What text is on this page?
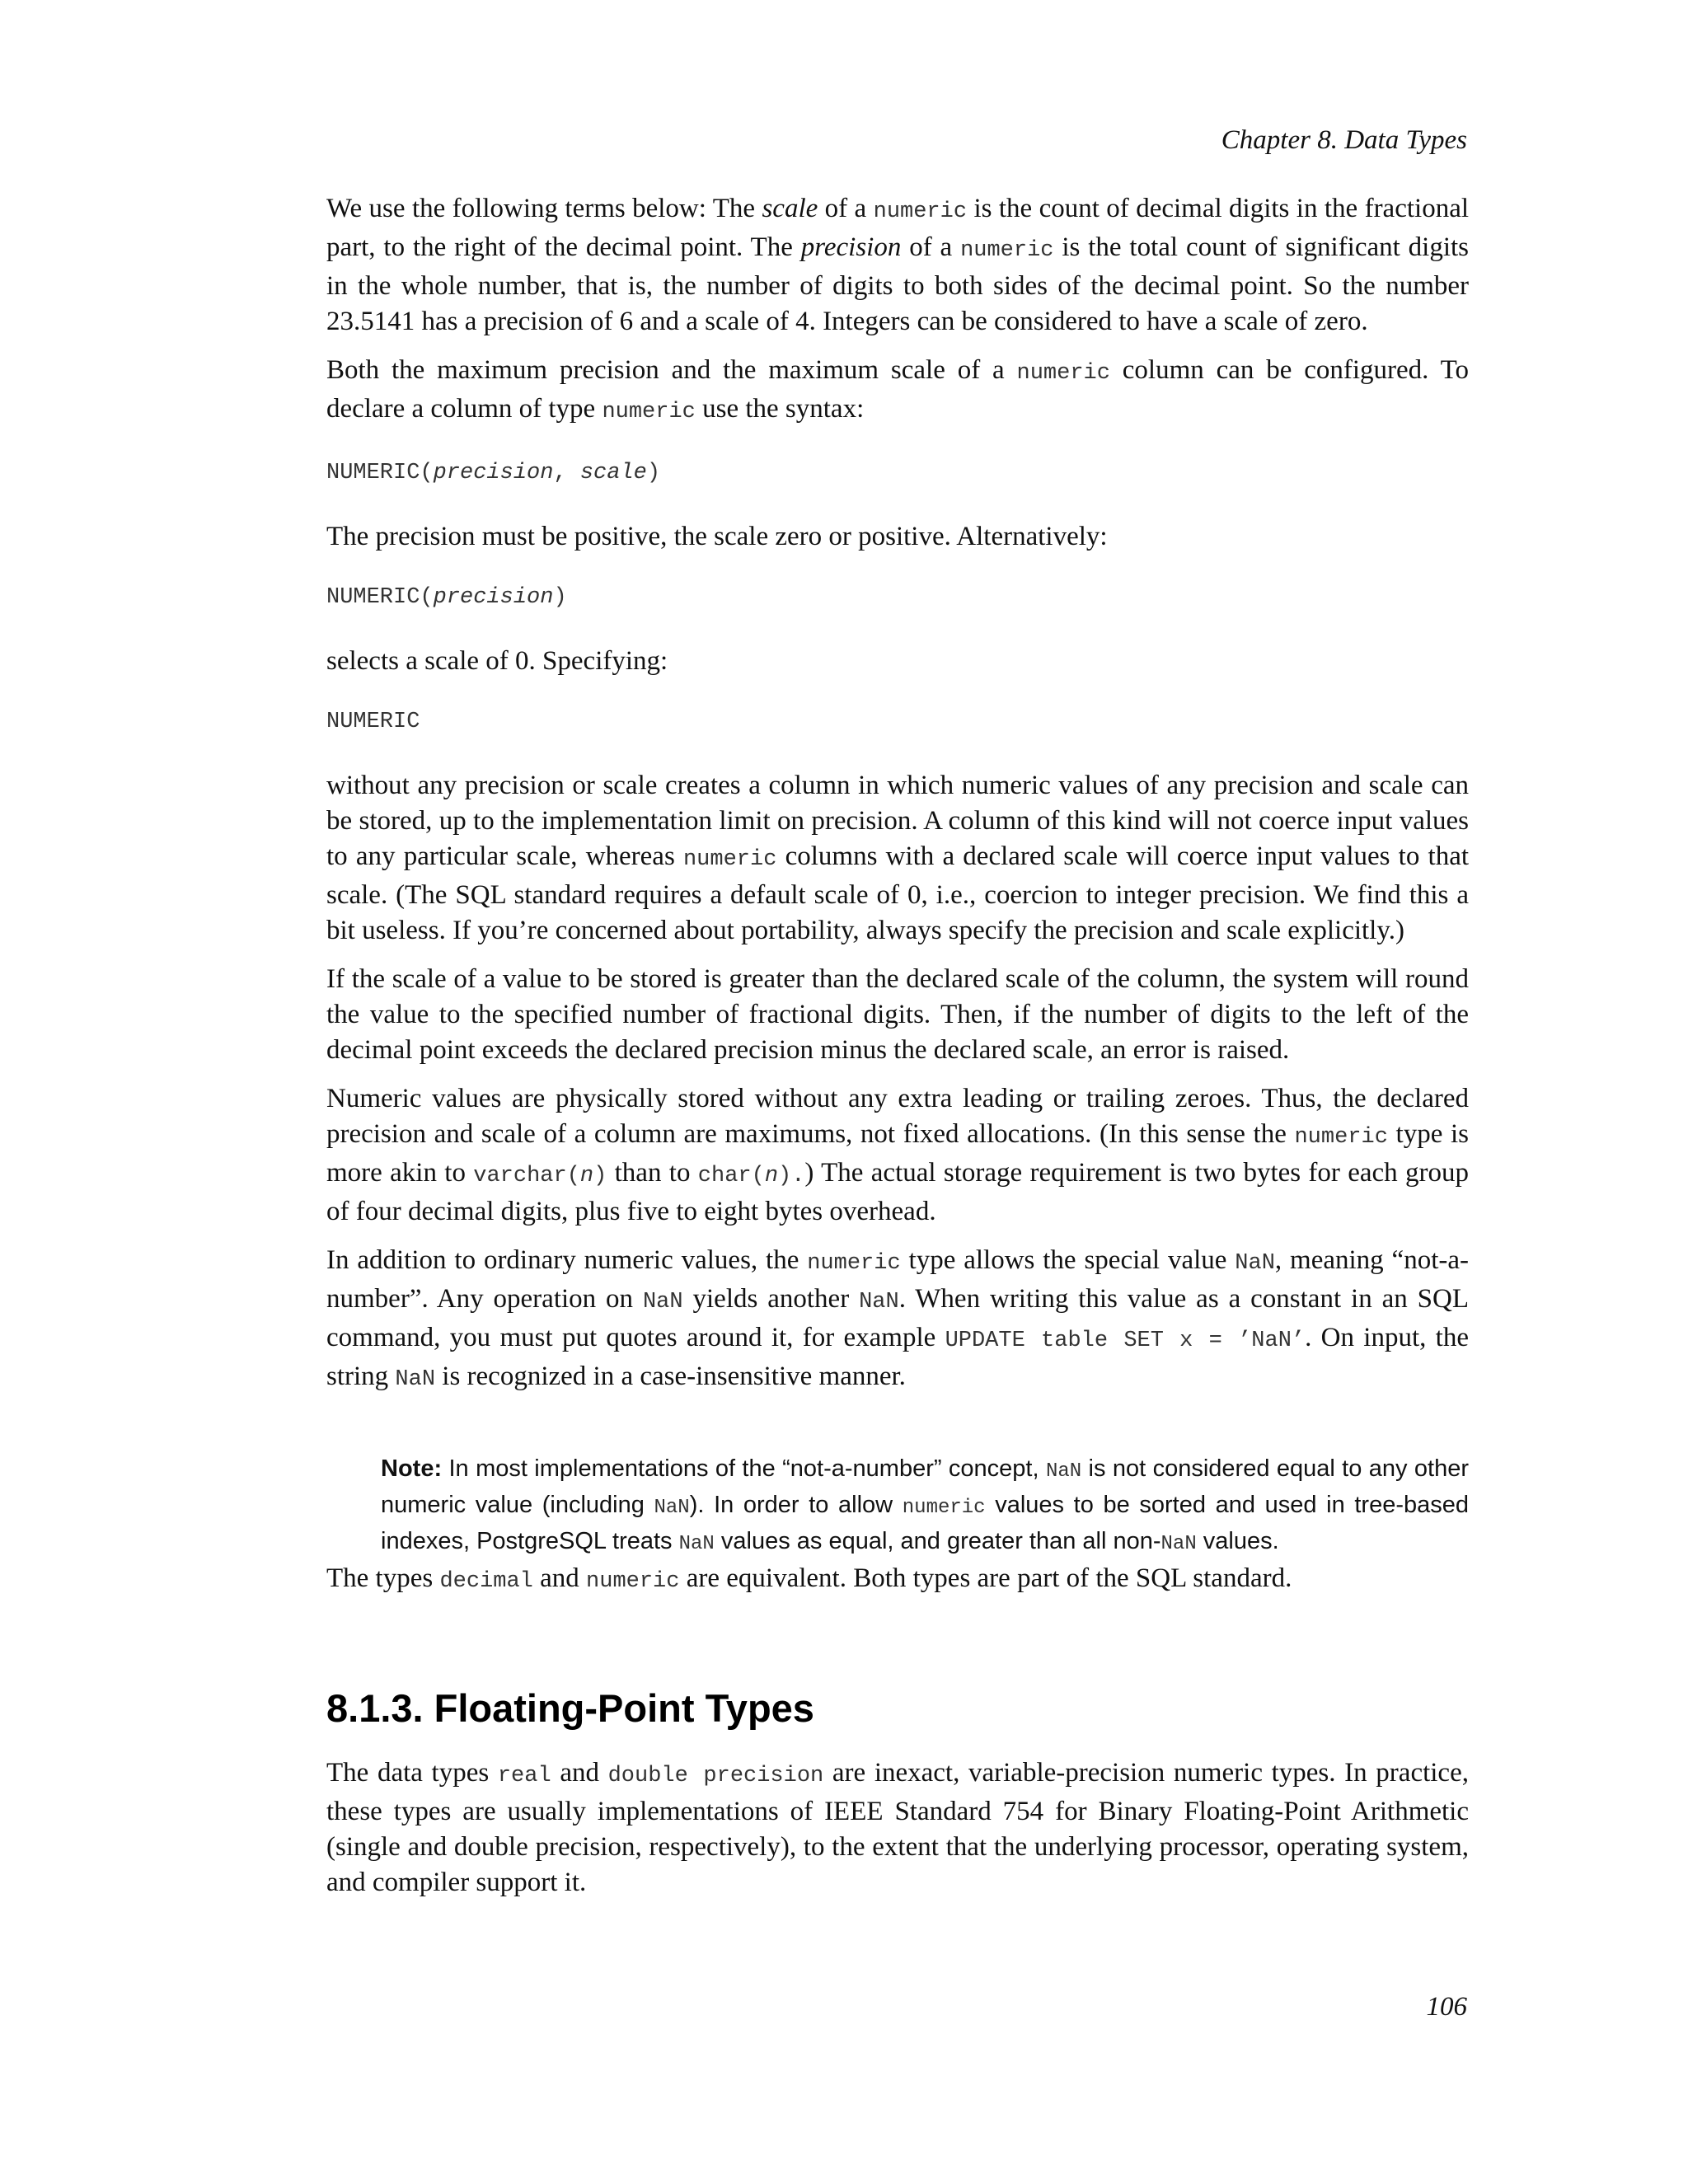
Chapter 8. Data Types

We use the following terms below: The scale of a numeric is the count of decimal digits in the fractional part, to the right of the decimal point. The precision of a numeric is the total count of significant digits in the whole number, that is, the number of digits to both sides of the decimal point. So the number 23.5141 has a precision of 6 and a scale of 4. Integers can be considered to have a scale of zero.

Both the maximum precision and the maximum scale of a numeric column can be configured. To declare a column of type numeric use the syntax:

NUMERIC(precision, scale)

The precision must be positive, the scale zero or positive. Alternatively:

NUMERIC(precision)

selects a scale of 0. Specifying:

NUMERIC

without any precision or scale creates a column in which numeric values of any precision and scale can be stored, up to the implementation limit on precision. A column of this kind will not coerce input values to any particular scale, whereas numeric columns with a declared scale will coerce input values to that scale. (The SQL standard requires a default scale of 0, i.e., coercion to integer precision. We find this a bit useless. If you’re concerned about portability, always specify the precision and scale explicitly.)

If the scale of a value to be stored is greater than the declared scale of the column, the system will round the value to the specified number of fractional digits. Then, if the number of digits to the left of the decimal point exceeds the declared precision minus the declared scale, an error is raised.

Numeric values are physically stored without any extra leading or trailing zeroes. Thus, the declared precision and scale of a column are maximums, not fixed allocations. (In this sense the numeric type is more akin to varchar(n) than to char(n).) The actual storage requirement is two bytes for each group of four decimal digits, plus five to eight bytes overhead.

In addition to ordinary numeric values, the numeric type allows the special value NaN, meaning “not-a-number”. Any operation on NaN yields another NaN. When writing this value as a constant in an SQL command, you must put quotes around it, for example UPDATE table SET x = ’NaN’. On input, the string NaN is recognized in a case-insensitive manner.

Note: In most implementations of the “not-a-number” concept, NaN is not considered equal to any other numeric value (including NaN). In order to allow numeric values to be sorted and used in tree-based indexes, PostgreSQL treats NaN values as equal, and greater than all non-NaN values.

The types decimal and numeric are equivalent. Both types are part of the SQL standard.

8.1.3. Floating-Point Types

The data types real and double precision are inexact, variable-precision numeric types. In practice, these types are usually implementations of IEEE Standard 754 for Binary Floating-Point Arithmetic (single and double precision, respectively), to the extent that the underlying processor, operating system, and compiler support it.

106
